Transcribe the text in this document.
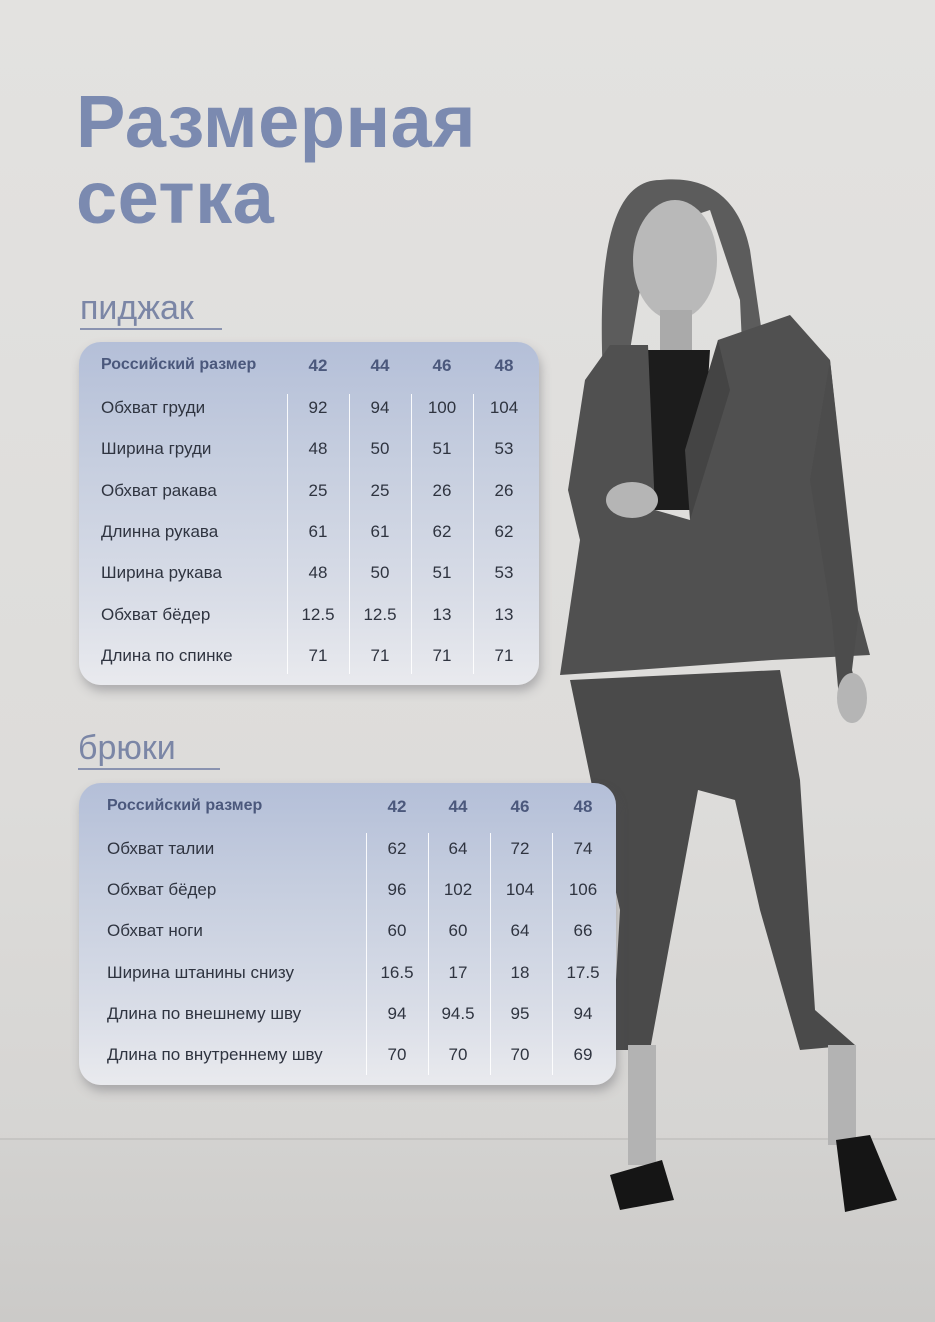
Размерная
сетка
пиджак
Российский размер	42	44	46	48
Обхват груди	92	94	100	104
Ширина груди	48	50	51	53
Обхват ракава	25	25	26	26
Длинна рукава	61	61	62	62
Ширина рукава	48	50	51	53
Обхват бёдер	12.5	12.5	13	13
Длина по спинке	71	71	71	71
брюки
Российский размер	42	44	46	48
Обхват талии	62	64	72	74
Обхват бёдер	96	102	104	106
Обхват ноги	60	60	64	66
Ширина штанины снизу	16.5	17	18	17.5
Длина по внешнему шву	94	94.5	95	94
Длина по внутреннему шву	70	70	70	69
